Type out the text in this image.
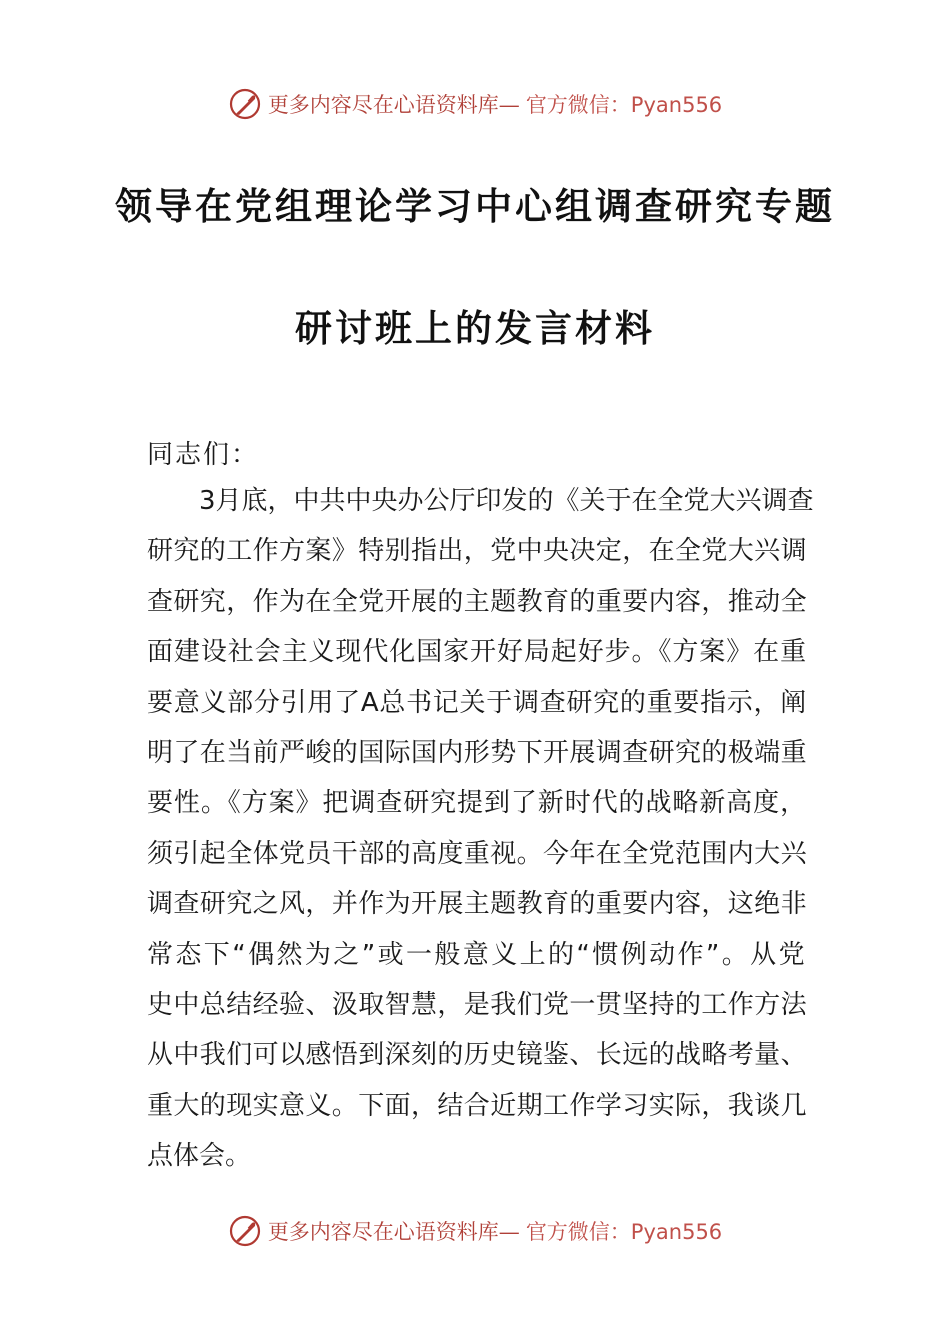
更多内容尽在心语资料库— 官方微信：Pyan556
领导在党组理论学习中心组调查研究专题
研讨班上的发言材料
同志们：
3月底，中共中央办公厅印发的《关于在全党大兴调查
研究的工作方案》特别指出，党中央决定，在全党大兴调
查研究，作为在全党开展的主题教育的重要内容，推动全
面建设社会主义现代化国家开好局起好步。《方案》在重
要意义部分引用了A总书记关于调查研究的重要指示，阐
明了在当前严峻的国际国内形势下开展调查研究的极端重
要性。《方案》把调查研究提到了新时代的战略新高度，
须引起全体党员干部的高度重视。今年在全党范围内大兴
调查研究之风，并作为开展主题教育的重要内容，这绝非
常态下“偶然为之”或一般意义上的“惯例动作”。从党
史中总结经验、汲取智慧，是我们党一贯坚持的工作方法
从中我们可以感悟到深刻的历史镜鉴、长远的战略考量、
重大的现实意义。下面，结合近期工作学习实际，我谈几
点体会。
更多内容尽在心语资料库— 官方微信：Pyan556
